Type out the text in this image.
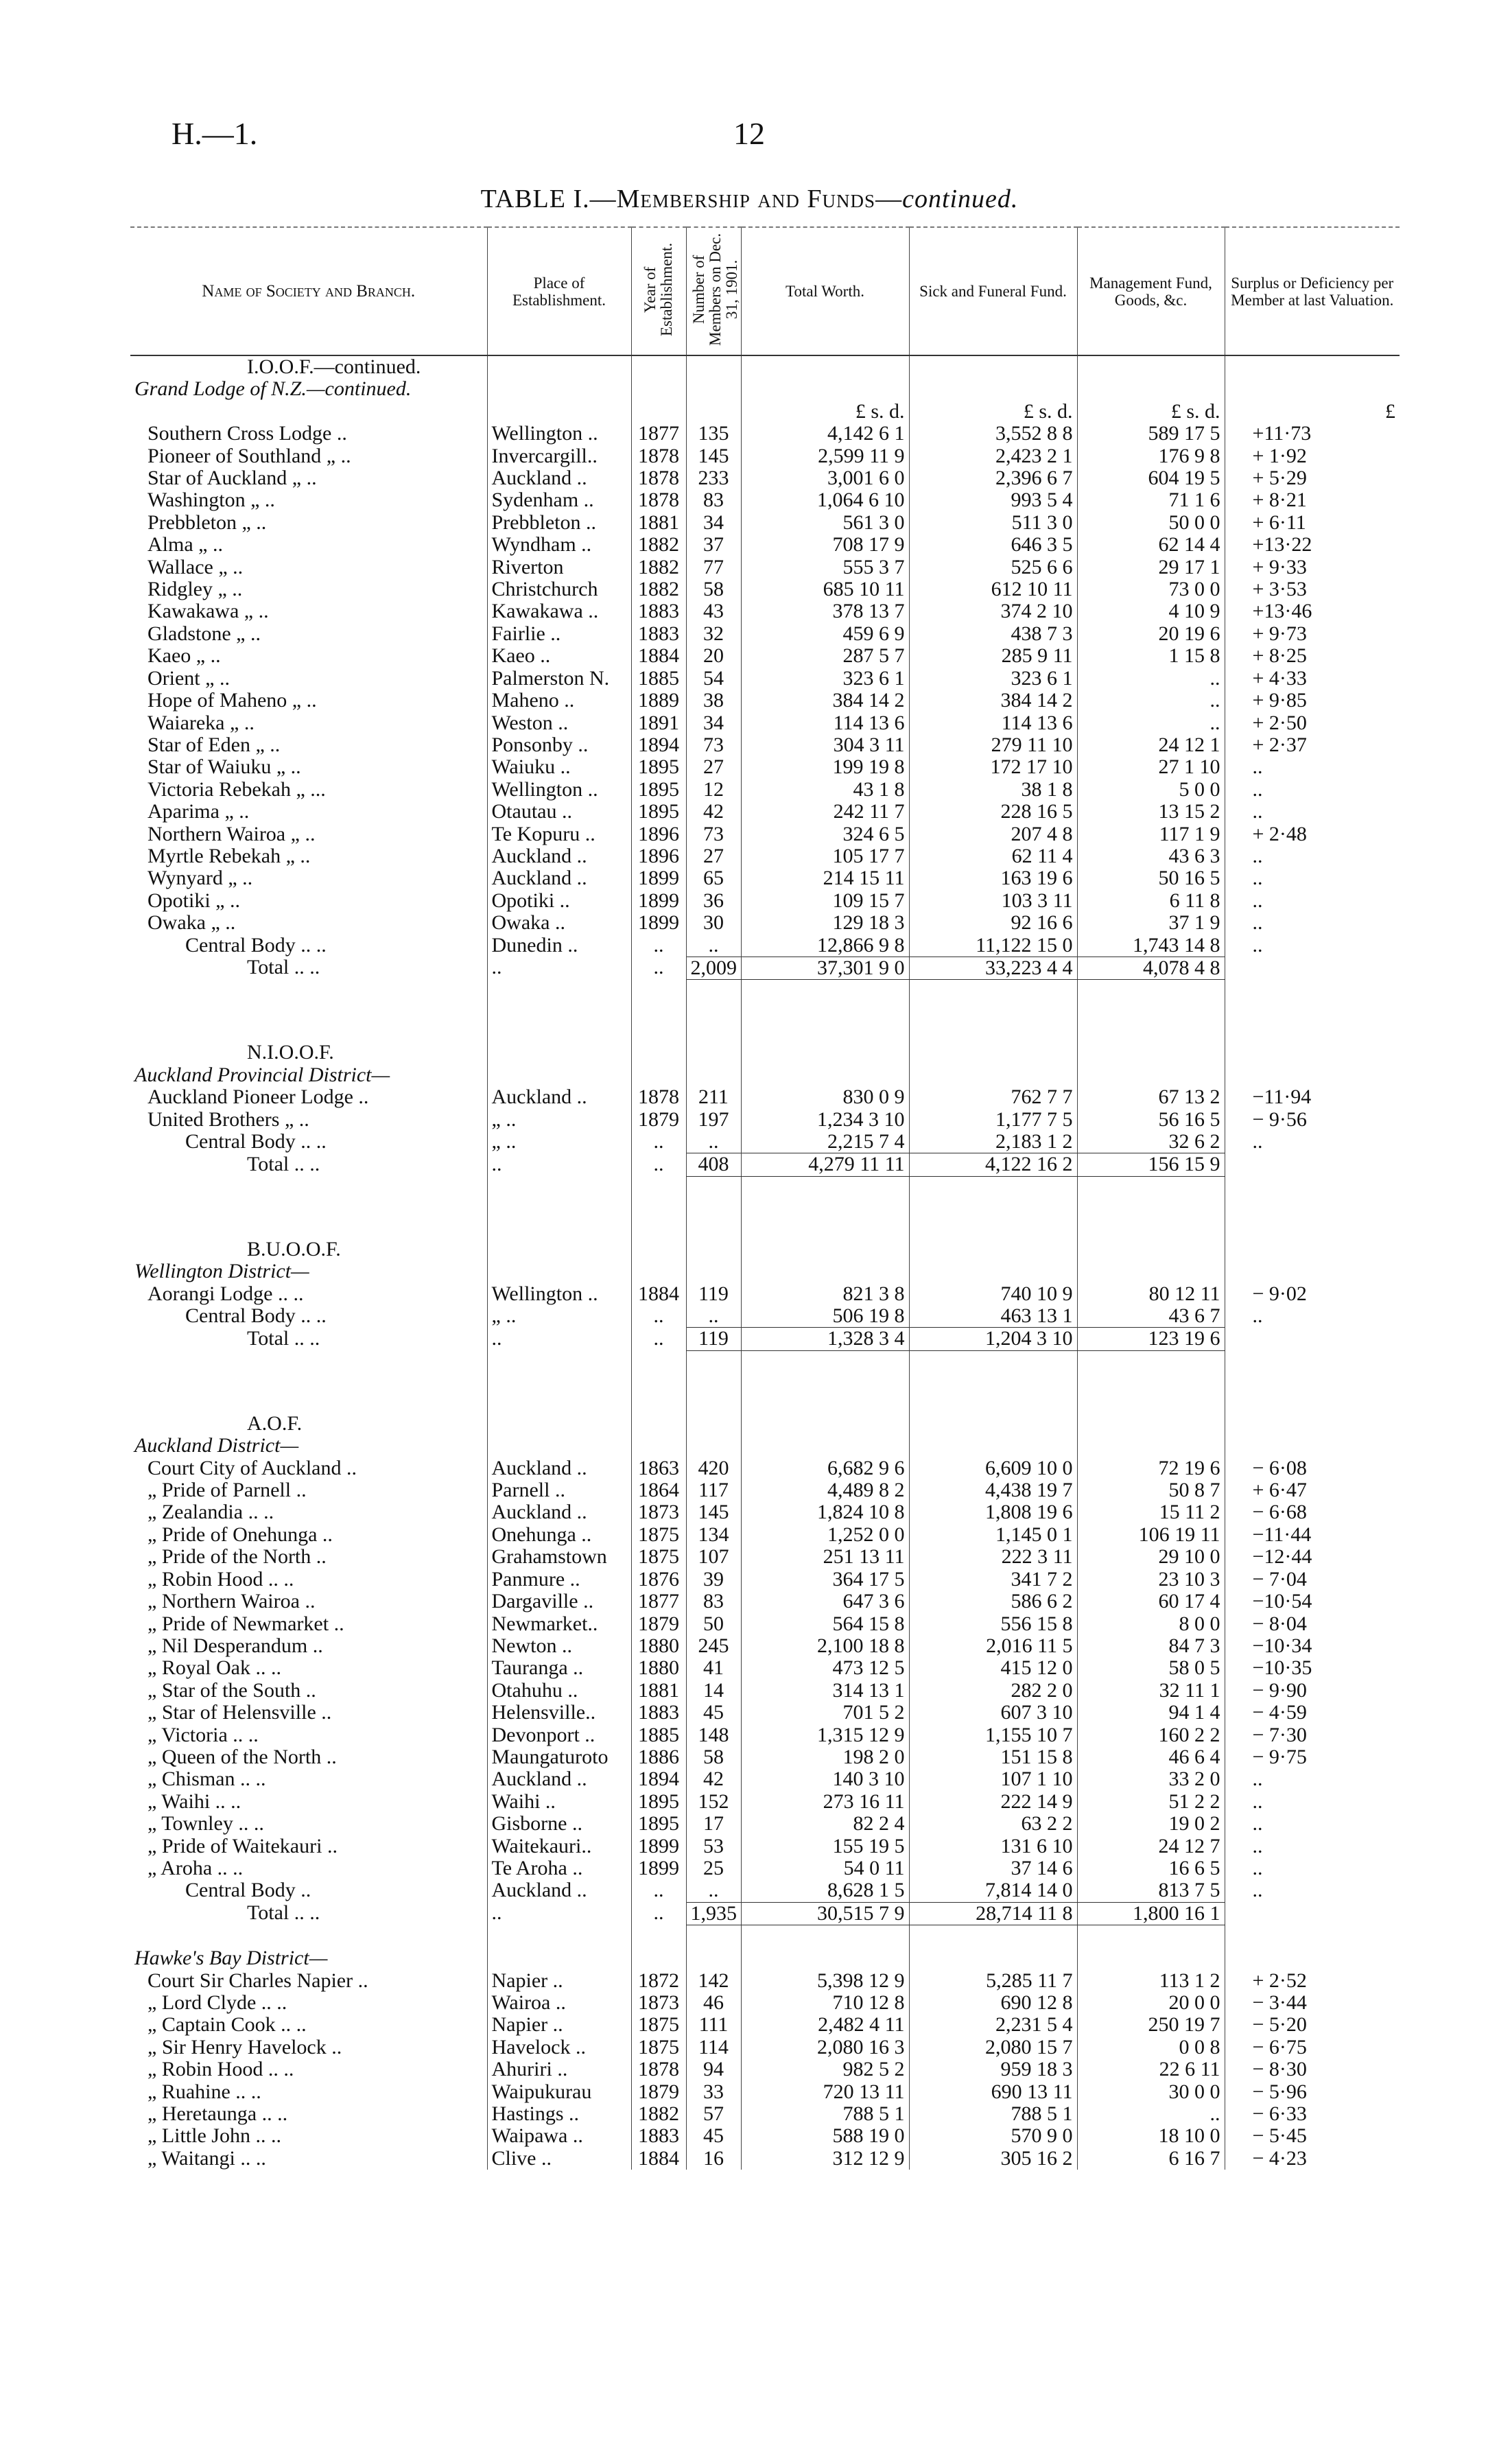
H.—1.	12
TABLE I.—Membership and Funds—continued.
Name of Society and Branch.	Place of Establishment.	Year of Establishment.	Number of Members on Dec. 31, 1901.	Total Worth.	Sick and Funeral Fund.	Management Fund, Goods, &c.	Surplus or Deficiency per Member at last Valuation.
I.O.O.F.—continued.							
Grand Lodge of N.Z.—continued.							
				£ s. d.	£ s. d.	£ s. d.	£
Southern Cross Lodge ..	Wellington ..	1877	135	4,142 6 1	3,552 8 8	589 17 5	+11·73
Pioneer of Southland „ ..	Invercargill..	1878	145	2,599 11 9	2,423 2 1	176 9 8	+ 1·92
Star of Auckland „ ..	Auckland ..	1878	233	3,001 6 0	2,396 6 7	604 19 5	+ 5·29
Washington „ ..	Sydenham ..	1878	83	1,064 6 10	993 5 4	71 1 6	+ 8·21
Prebbleton „ ..	Prebbleton ..	1881	34	561 3 0	511 3 0	50 0 0	+ 6·11
Alma „ ..	Wyndham ..	1882	37	708 17 9	646 3 5	62 14 4	+13·22
Wallace „ ..	Riverton	1882	77	555 3 7	525 6 6	29 17 1	+ 9·33
Ridgley „ ..	Christchurch	1882	58	685 10 11	612 10 11	73 0 0	+ 3·53
Kawakawa „ ..	Kawakawa ..	1883	43	378 13 7	374 2 10	4 10 9	+13·46
Gladstone „ ..	Fairlie ..	1883	32	459 6 9	438 7 3	20 19 6	+ 9·73
Kaeo „ ..	Kaeo ..	1884	20	287 5 7	285 9 11	1 15 8	+ 8·25
Orient „ ..	Palmerston N.	1885	54	323 6 1	323 6 1	..	+ 4·33
Hope of Maheno „ ..	Maheno ..	1889	38	384 14 2	384 14 2	..	+ 9·85
Waiareka „ ..	Weston ..	1891	34	114 13 6	114 13 6	..	+ 2·50
Star of Eden „ ..	Ponsonby ..	1894	73	304 3 11	279 11 10	24 12 1	+ 2·37
Star of Waiuku „ ..	Waiuku ..	1895	27	199 19 8	172 17 10	27 1 10	..
Victoria Rebekah „ ...	Wellington ..	1895	12	43 1 8	38 1 8	5 0 0	..
Aparima „ ..	Otautau ..	1895	42	242 11 7	228 16 5	13 15 2	..
Northern Wairoa „ ..	Te Kopuru ..	1896	73	324 6 5	207 4 8	117 1 9	+ 2·48
Myrtle Rebekah „ ..	Auckland ..	1896	27	105 17 7	62 11 4	43 6 3	..
Wynyard „ ..	Auckland ..	1899	65	214 15 11	163 19 6	50 16 5	..
Opotiki „ ..	Opotiki ..	1899	36	109 15 7	103 3 11	6 11 8	..
Owaka „ ..	Owaka ..	1899	30	129 18 3	92 16 6	37 1 9	..
Central Body .. ..	Dunedin ..	..	..	12,866 9 8	11,122 15 0	1,743 14 8	..
Total .. ..	..	..	2,009	37,301 9 0	33,223 4 4	4,078 4 8	

N.I.O.O.F.							
Auckland Provincial District—							
Auckland Pioneer Lodge ..	Auckland ..	1878	211	830 0 9	762 7 7	67 13 2	−11·94
United Brothers „ ..	„ ..	1879	197	1,234 3 10	1,177 7 5	56 16 5	− 9·56
Central Body .. ..	„ ..	..	..	2,215 7 4	2,183 1 2	32 6 2	..
Total .. ..	..	..	408	4,279 11 11	4,122 16 2	156 15 9	

B.U.O.O.F.							
Wellington District—							
Aorangi Lodge .. ..	Wellington ..	1884	119	821 3 8	740 10 9	80 12 11	− 9·02
Central Body .. ..	„ ..	..	..	506 19 8	463 13 1	43 6 7	..
Total .. ..	..	..	119	1,328 3 4	1,204 3 10	123 19 6	

A.O.F.							
Auckland District—							
Court City of Auckland ..	Auckland ..	1863	420	6,682 9 6	6,609 10 0	72 19 6	− 6·08
„ Pride of Parnell ..	Parnell ..	1864	117	4,489 8 2	4,438 19 7	50 8 7	+ 6·47
„ Zealandia .. ..	Auckland ..	1873	145	1,824 10 8	1,808 19 6	15 11 2	− 6·68
„ Pride of Onehunga ..	Onehunga ..	1875	134	1,252 0 0	1,145 0 1	106 19 11	−11·44
„ Pride of the North ..	Grahamstown	1875	107	251 13 11	222 3 11	29 10 0	−12·44
„ Robin Hood .. ..	Panmure ..	1876	39	364 17 5	341 7 2	23 10 3	− 7·04
„ Northern Wairoa ..	Dargaville ..	1877	83	647 3 6	586 6 2	60 17 4	−10·54
„ Pride of Newmarket ..	Newmarket..	1879	50	564 15 8	556 15 8	8 0 0	− 8·04
„ Nil Desperandum ..	Newton ..	1880	245	2,100 18 8	2,016 11 5	84 7 3	−10·34
„ Royal Oak .. ..	Tauranga ..	1880	41	473 12 5	415 12 0	58 0 5	−10·35
„ Star of the South ..	Otahuhu ..	1881	14	314 13 1	282 2 0	32 11 1	− 9·90
„ Star of Helensville ..	Helensville..	1883	45	701 5 2	607 3 10	94 1 4	− 4·59
„ Victoria .. ..	Devonport ..	1885	148	1,315 12 9	1,155 10 7	160 2 2	− 7·30
„ Queen of the North ..	Maungaturoto	1886	58	198 2 0	151 15 8	46 6 4	− 9·75
„ Chisman .. ..	Auckland ..	1894	42	140 3 10	107 1 10	33 2 0	..
„ Waihi .. ..	Waihi ..	1895	152	273 16 11	222 14 9	51 2 2	..
„ Townley .. ..	Gisborne ..	1895	17	82 2 4	63 2 2	19 0 2	..
„ Pride of Waitekauri ..	Waitekauri..	1899	53	155 19 5	131 6 10	24 12 7	..
„ Aroha .. ..	Te Aroha ..	1899	25	54 0 11	37 14 6	16 6 5	..
Central Body ..	Auckland ..	..	..	8,628 1 5	7,814 14 0	813 7 5	..
Total .. ..	..	..	1,935	30,515 7 9	28,714 11 8	1,800 16 1	

Hawke's Bay District—							
Court Sir Charles Napier ..	Napier ..	1872	142	5,398 12 9	5,285 11 7	113 1 2	+ 2·52
„ Lord Clyde .. ..	Wairoa ..	1873	46	710 12 8	690 12 8	20 0 0	− 3·44
„ Captain Cook .. ..	Napier ..	1875	111	2,482 4 11	2,231 5 4	250 19 7	− 5·20
„ Sir Henry Havelock ..	Havelock ..	1875	114	2,080 16 3	2,080 15 7	0 0 8	− 6·75
„ Robin Hood .. ..	Ahuriri ..	1878	94	982 5 2	959 18 3	22 6 11	− 8·30
„ Ruahine .. ..	Waipukurau	1879	33	720 13 11	690 13 11	30 0 0	− 5·96
„ Heretaunga .. ..	Hastings ..	1882	57	788 5 1	788 5 1	..	− 6·33
„ Little John .. ..	Waipawa ..	1883	45	588 19 0	570 9 0	18 10 0	− 5·45
„ Waitangi .. ..	Clive ..	1884	16	312 12 9	305 16 2	6 16 7	− 4·23
